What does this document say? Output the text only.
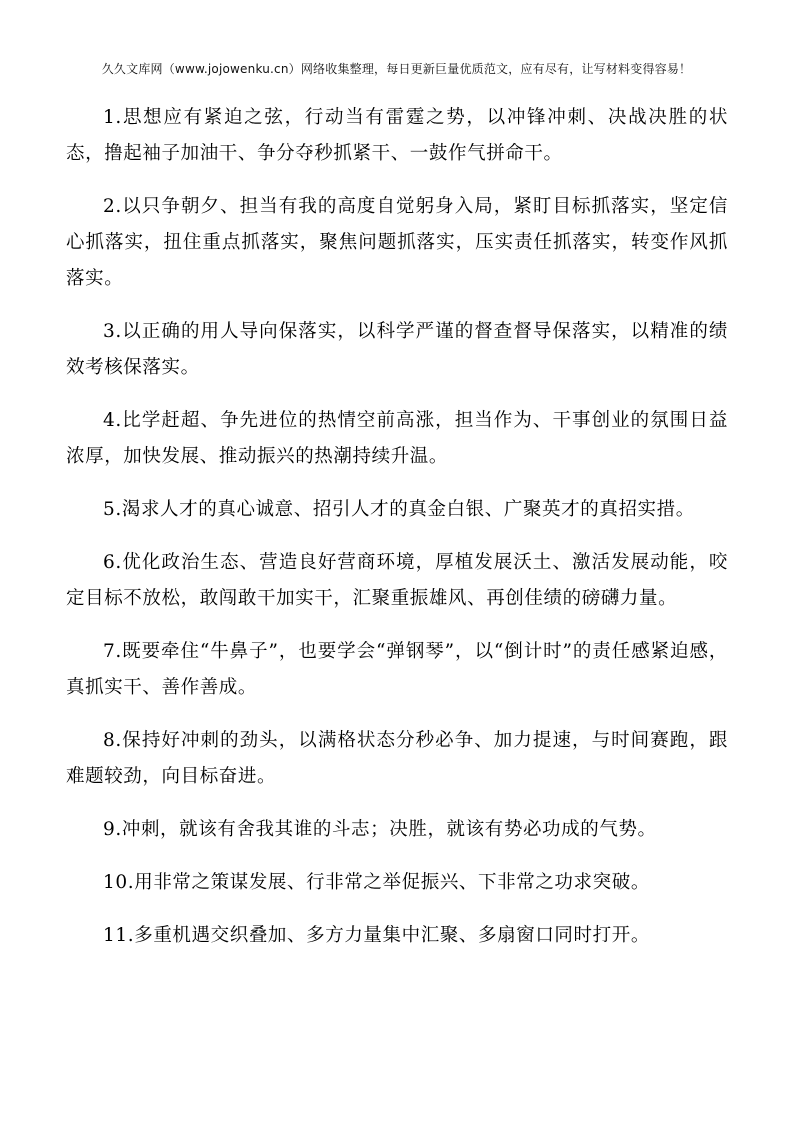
久久文库网（www.jojowenku.cn）网络收集整理，每日更新巨量优质范文，应有尽有，让写材料变得容易！

1.思想应有紧迫之弦，行动当有雷霆之势，以冲锋冲刺、决战决胜的状态，撸起袖子加油干、争分夺秒抓紧干、一鼓作气拼命干。

2.以只争朝夕、担当有我的高度自觉躬身入局，紧盯目标抓落实，坚定信心抓落实，扭住重点抓落实，聚焦问题抓落实，压实责任抓落实，转变作风抓落实。

3.以正确的用人导向保落实，以科学严谨的督查督导保落实，以精准的绩效考核保落实。

4.比学赶超、争先进位的热情空前高涨，担当作为、干事创业的氛围日益浓厚，加快发展、推动振兴的热潮持续升温。

5.渴求人才的真心诚意、招引人才的真金白银、广聚英才的真招实措。

6.优化政治生态、营造良好营商环境，厚植发展沃土、激活发展动能，咬定目标不放松，敢闯敢干加实干，汇聚重振雄风、再创佳绩的磅礴力量。

7.既要牵住“牛鼻子”，也要学会“弹钢琴”，以“倒计时”的责任感紧迫感，真抓实干、善作善成。

8.保持好冲刺的劲头，以满格状态分秒必争、加力提速，与时间赛跑，跟难题较劲，向目标奋进。

9.冲刺，就该有舍我其谁的斗志；决胜，就该有势必功成的气势。

10.用非常之策谋发展、行非常之举促振兴、下非常之功求突破。

11.多重机遇交织叠加、多方力量集中汇聚、多扇窗口同时打开。
